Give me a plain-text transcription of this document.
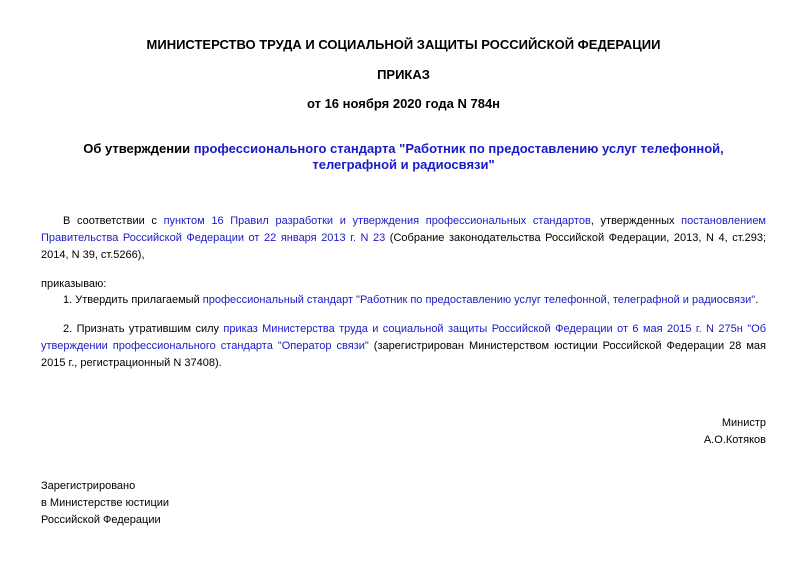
МИНИСТЕРСТВО ТРУДА И СОЦИАЛЬНОЙ ЗАЩИТЫ РОССИЙСКОЙ ФЕДЕРАЦИИ

ПРИКАЗ

от 16 ноября 2020 года N 784н

Об утверждении профессионального стандарта "Работник по предоставлению услуг телефонной,
телеграфной и радиосвязи"

В соответствии с пунктом 16 Правил разработки и утверждения профессиональных стандартов, утвержденных постановлением Правительства Российской Федерации от 22 января 2013 г. N 23 (Собрание законодательства Российской Федерации, 2013, N 4, ст.293; 2014, N 39, ст.5266),

приказываю:

1. Утвердить прилагаемый профессиональный стандарт "Работник по предоставлению услуг телефонной, телеграфной и радиосвязи".

2. Признать утратившим силу приказ Министерства труда и социальной защиты Российской Федерации от 6 мая 2015 г. N 275н "Об утверждении профессионального стандарта "Оператор связи" (зарегистрирован Министерством юстиции Российской Федерации 28 мая 2015 г., регистрационный N 37408).

Министр
А.О.Котяков
Зарегистрировано
в Министерстве юстиции
Российской Федерации
